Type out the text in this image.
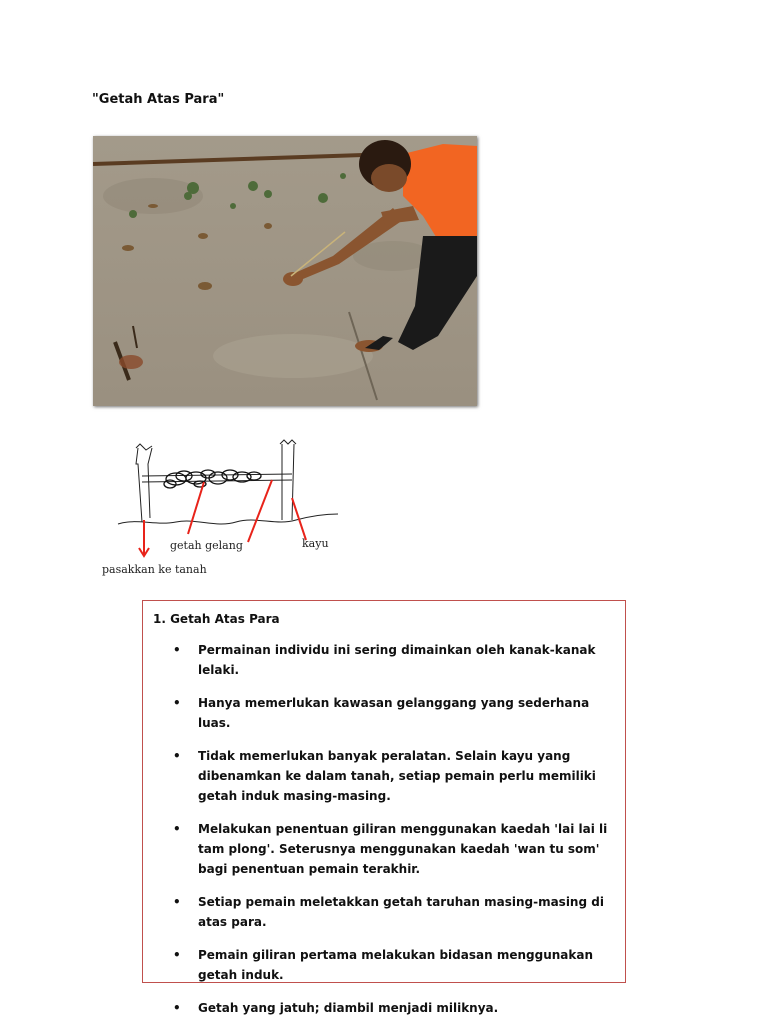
"Getah Atas Para"
getah gelang	kayu
pasakkan ke tanah
1. Getah Atas Para
• Permainan individu ini sering dimainkan oleh kanak-kanak lelaki.
• Hanya memerlukan kawasan gelanggang yang sederhana luas.
• Tidak memerlukan banyak peralatan. Selain kayu yang dibenamkan ke dalam tanah, setiap pemain perlu memiliki getah induk masing-masing.
• Melakukan penentuan giliran menggunakan kaedah 'lai lai li tam plong'. Seterusnya menggunakan kaedah 'wan tu som' bagi penentuan pemain terakhir.
• Setiap pemain meletakkan getah taruhan masing-masing di atas para.
• Pemain giliran pertama melakukan bidasan menggunakan getah induk.
• Getah yang jatuh; diambil menjadi miliknya.
